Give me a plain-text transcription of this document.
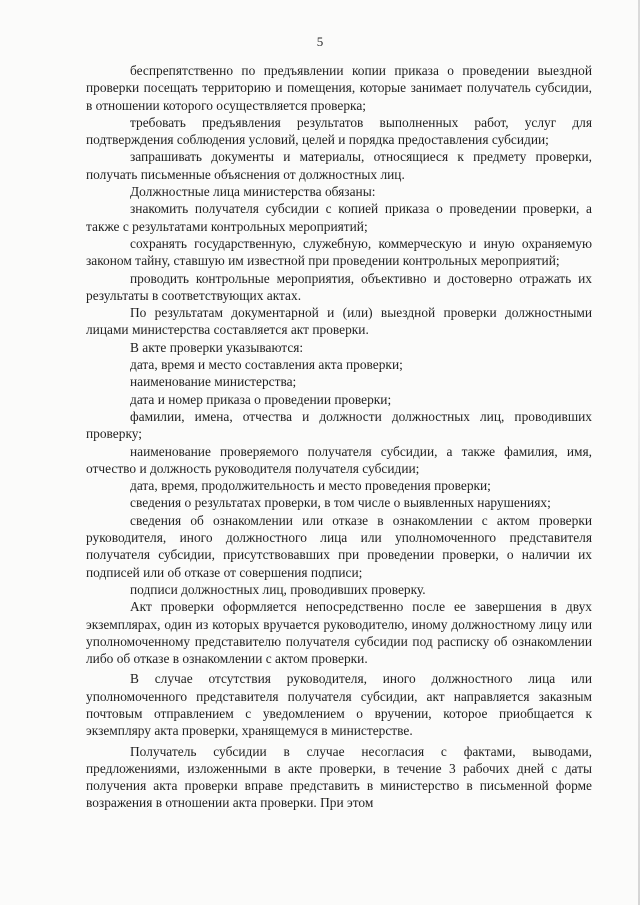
5

беспрепятственно по предъявлении копии приказа о проведении выездной проверки посещать территорию и помещения, которые занимает получатель субсидии, в отношении которого осуществляется проверка;

требовать предъявления результатов выполненных работ, услуг для подтверждения соблюдения условий, целей и порядка предоставления субсидии;

запрашивать документы и материалы, относящиеся к предмету проверки, получать письменные объяснения от должностных лиц.

Должностные лица министерства обязаны:

знакомить получателя субсидии с копией приказа о проведении проверки, а также с результатами контрольных мероприятий;

сохранять государственную, служебную, коммерческую и иную охраняемую законом тайну, ставшую им известной при проведении контрольных мероприятий;

проводить контрольные мероприятия, объективно и достоверно отражать их результаты в соответствующих актах.

По результатам документарной и (или) выездной проверки должностными лицами министерства составляется акт проверки.

В акте проверки указываются:

дата, время и место составления акта проверки;

наименование министерства;

дата и номер приказа о проведении проверки;

фамилии, имена, отчества и должности должностных лиц, проводивших проверку;

наименование проверяемого получателя субсидии, а также фамилия, имя, отчество и должность руководителя получателя субсидии;

дата, время, продолжительность и место проведения проверки;

сведения о результатах проверки, в том числе о выявленных нарушениях;

сведения об ознакомлении или отказе в ознакомлении с актом проверки руководителя, иного должностного лица или уполномоченного представителя получателя субсидии, присутствовавших при проведении проверки, о наличии их подписей или об отказе от совершения подписи;

подписи должностных лиц, проводивших проверку.

Акт проверки оформляется непосредственно после ее завершения в двух экземплярах, один из которых вручается руководителю, иному должностному лицу или уполномоченному представителю получателя субсидии под расписку об ознакомлении либо об отказе в ознакомлении с актом проверки.

В случае отсутствия руководителя, иного должностного лица или уполномоченного представителя получателя субсидии, акт направляется заказным почтовым отправлением с уведомлением о вручении, которое приобщается к экземпляру акта проверки, хранящемуся в министерстве.

Получатель субсидии в случае несогласия с фактами, выводами, предложениями, изложенными в акте проверки, в течение 3 рабочих дней с даты получения акта проверки вправе представить в министерство в письменной форме возражения в отношении акта проверки. При этом
